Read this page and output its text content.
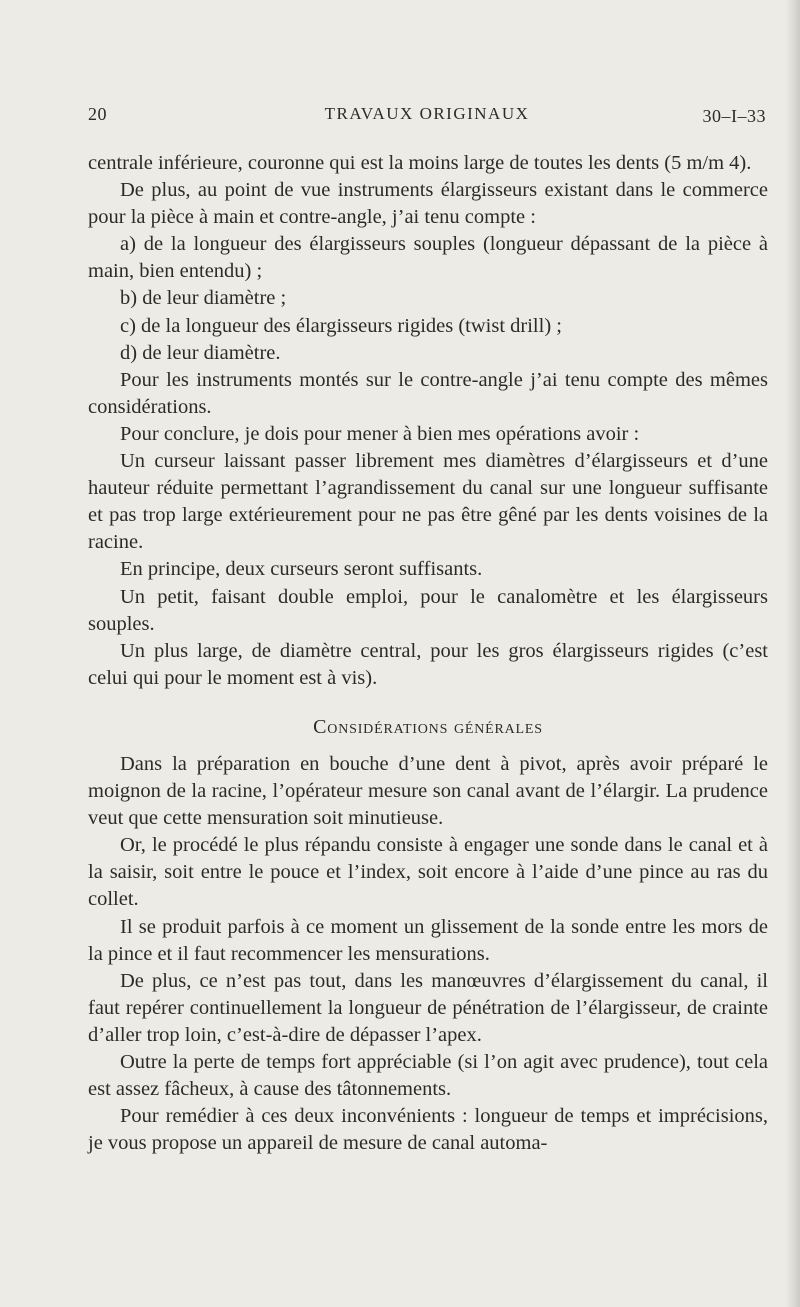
20	TRAVAUX ORIGINAUX	30–I–33

centrale inférieure, couronne qui est la moins large de toutes les dents (5 m/m 4).

De plus, au point de vue instruments élargisseurs existant dans le commerce pour la pièce à main et contre-angle, j’ai tenu compte :

a) de la longueur des élargisseurs souples (longueur dépassant de la pièce à main, bien entendu) ;

b) de leur diamètre ;

c) de la longueur des élargisseurs rigides (twist drill) ;

d) de leur diamètre.

Pour les instruments montés sur le contre-angle j’ai tenu compte des mêmes considérations.

Pour conclure, je dois pour mener à bien mes opérations avoir :

Un curseur laissant passer librement mes diamètres d’élargisseurs et d’une hauteur réduite permettant l’agrandissement du canal sur une longueur suffisante et pas trop large extérieurement pour ne pas être gêné par les dents voisines de la racine.

En principe, deux curseurs seront suffisants.

Un petit, faisant double emploi, pour le canalomètre et les élargisseurs souples.

Un plus large, de diamètre central, pour les gros élargisseurs rigides (c’est celui qui pour le moment est à vis).

Considérations générales

Dans la préparation en bouche d’une dent à pivot, après avoir préparé le moignon de la racine, l’opérateur mesure son canal avant de l’élargir. La prudence veut que cette mensuration soit minutieuse.

Or, le procédé le plus répandu consiste à engager une sonde dans le canal et à la saisir, soit entre le pouce et l’index, soit encore à l’aide d’une pince au ras du collet.

Il se produit parfois à ce moment un glissement de la sonde entre les mors de la pince et il faut recommencer les mensurations.

De plus, ce n’est pas tout, dans les manœuvres d’élargissement du canal, il faut repérer continuellement la longueur de pénétration de l’élargisseur, de crainte d’aller trop loin, c’est-à-dire de dépasser l’apex.

Outre la perte de temps fort appréciable (si l’on agit avec prudence), tout cela est assez fâcheux, à cause des tâtonnements.

Pour remédier à ces deux inconvénients : longueur de temps et imprécisions, je vous propose un appareil de mesure de canal automa-
